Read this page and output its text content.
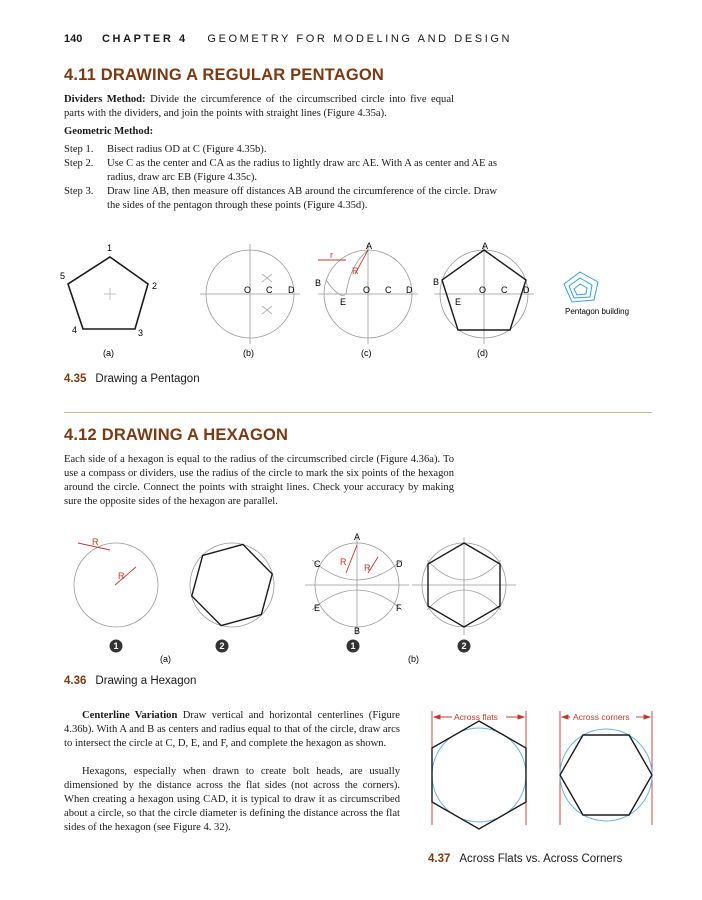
140 CHAPTER 4 GEOMETRY FOR MODELING AND DESIGN
4.11 DRAWING A REGULAR PENTAGON
Dividers Method: Divide the circumference of the circumscribed circle into five equal parts with the dividers, and join the points with straight lines (Figure 4.35a).
Geometric Method:
Step 1. Bisect radius OD at C (Figure 4.35b).
Step 2. Use C as the center and CA as the radius to lightly draw arc AE. With A as center and AE as radius, draw arc EB (Figure 4.35c).
Step 3. Draw line AB, then measure off distances AB around the circumference of the circle. Draw the sides of the pentagon through these points (Figure 4.35d).
1
2
3
4
5
O C D
r
R
A
B
E
O C D
A
B
E
O C D
Pentagon building
(a)	(b)	(c)	(d)
4.35 Drawing a Pentagon
4.12 DRAWING A HEXAGON
Each side of a hexagon is equal to the radius of the circumscribed circle (Figure 4.36a). To use a compass or dividers, use the radius of the circle to mark the six points of the hexagon around the circle. Connect the points with straight lines. Check your accuracy by making sure the opposite sides of the hexagon are parallel.
R
R
A
B
C	D
E	F
R
R
1	2	1	2
(a)	(b)
4.36 Drawing a Hexagon
Centerline Variation Draw vertical and horizontal centerlines (Figure 4.36b). With A and B as centers and radius equal to that of the circle, draw arcs to intersect the circle at C, D, E, and F, and complete the hexagon as shown.
Hexagons, especially when drawn to create bolt heads, are usually dimensioned by the distance across the flat sides (not across the corners). When creating a hexagon using CAD, it is typical to draw it as circumscribed about a circle, so that the circle diameter is defining the distance across the flat sides of the hexagon (see Figure 4. 32).
Across flats	Across corners
4.37 Across Flats vs. Across Corners
